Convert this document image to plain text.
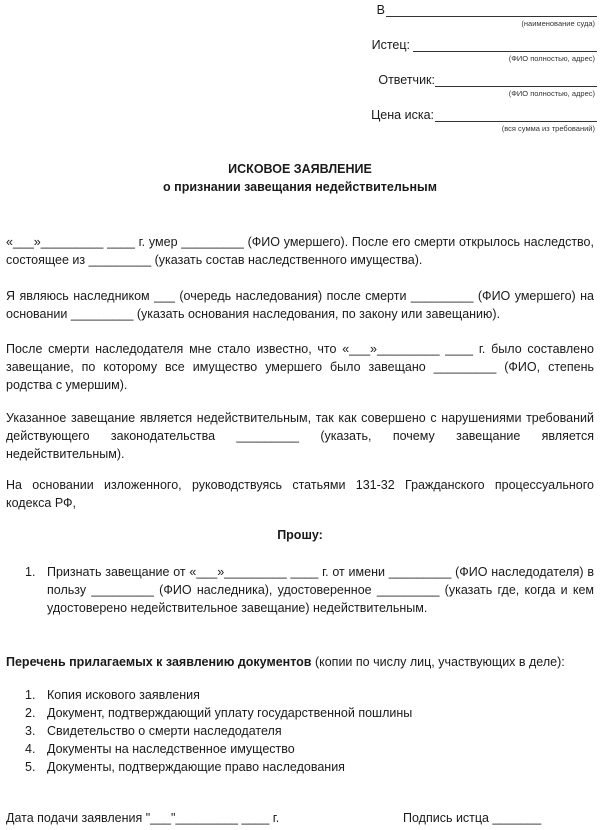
В
(наименование суда)
Истец:
(ФИО полностью, адрес)
Ответчик:
(ФИО полностью, адрес)
Цена иска:
(вся сумма из требований)
ИСКОВОЕ ЗАЯВЛЕНИЕ
о признании завещания недействительным

«___»_________ ____ г. умер _________ (ФИО умершего). После его смерти открылось наследство, состоящее из _________ (указать состав наследственного имущества).

Я являюсь наследником ___ (очередь наследования) после смерти _________ (ФИО умершего) на основании _________ (указать основания наследования, по закону или завещанию).

После смерти наследодателя мне стало известно, что «___»_________ ____ г. было составлено завещание, по которому все имущество умершего было завещано _________ (ФИО, степень родства с умершим).

Указанное завещание является недействительным, так как совершено с нарушениями требований действующего законодательства _________ (указать, почему завещание является недействительным).

На основании изложенного, руководствуясь статьями 131-32 Гражданского процессуального кодекса РФ,

Прошу:
1. Признать завещание от «___»_________ ____ г. от имени _________ (ФИО наследодателя) в пользу _________ (ФИО наследника), удостоверенное _________ (указать где, когда и кем удостоверено недействительное завещание) недействительным.
Перечень прилагаемых к заявлению документов (копии по числу лиц, участвующих в деле):
1. Копия искового заявления
2. Документ, подтверждающий уплату государственной пошлины
3. Свидетельство о смерти наследодателя
4. Документы на наследственное имущество
5. Документы, подтверждающие право наследования
Дата подачи заявления "___"_________ ____ г.	Подпись истца _______
